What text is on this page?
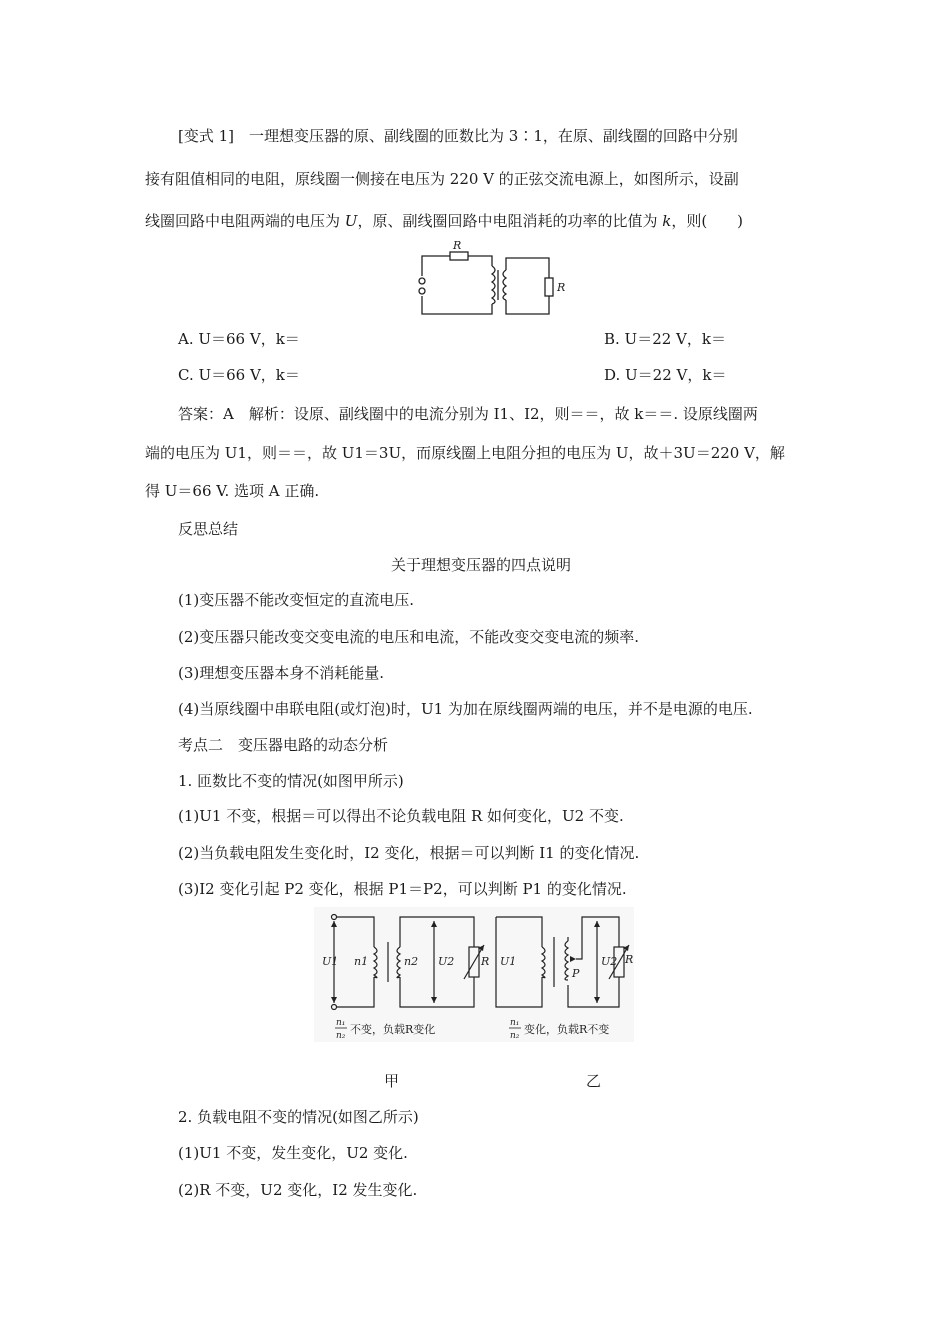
[变式 1]　一理想变压器的原、副线圈的匝数比为 3∶1，在原、副线圈的回路中分别
接有阻值相同的电阻，原线圈一侧接在电压为 220 V 的正弦交流电源上，如图所示，设副
线圈回路中电阻两端的电压为 U，原、副线圈回路中电阻消耗的功率的比值为 k，则(　　)
R
R
A. U＝66 V，k＝	B. U＝22 V，k＝
C. U＝66 V，k＝	D. U＝22 V，k＝
答案：A　解析：设原、副线圈中的电流分别为 I1、I2，则＝＝，故 k＝＝. 设原线圈两
端的电压为 U1，则＝＝，故 U1＝3U，而原线圈上电阻分担的电压为 U，故＋3U＝220 V，解
得 U＝66 V. 选项 A 正确.
反思总结
关于理想变压器的四点说明
(1)变压器不能改变恒定的直流电压.
(2)变压器只能改变交变电流的电压和电流，不能改变交变电流的频率.
(3)理想变压器本身不消耗能量.
(4)当原线圈中串联电阻(或灯泡)时，U1 为加在原线圈两端的电压，并不是电源的电压.
考点二　变压器电路的动态分析
1. 匝数比不变的情况(如图甲所示)
(1)U1 不变，根据＝可以得出不论负载电阻 R 如何变化，U2 不变.
(2)当负载电阻发生变化时，I2 变化，根据＝可以判断 I1 的变化情况.
(3)I2 变化引起 P2 变化，根据 P1＝P2，可以判断 P1 的变化情况.
U1 n1	n2 U2 R U1
P
U2 R
n₁
n₂ 不变，负载R变化	n₁
n₂ 变化，负载R不变
甲	乙
2. 负载电阻不变的情况(如图乙所示)
(1)U1 不变，发生变化，U2 变化.
(2)R 不变，U2 变化，I2 发生变化.
